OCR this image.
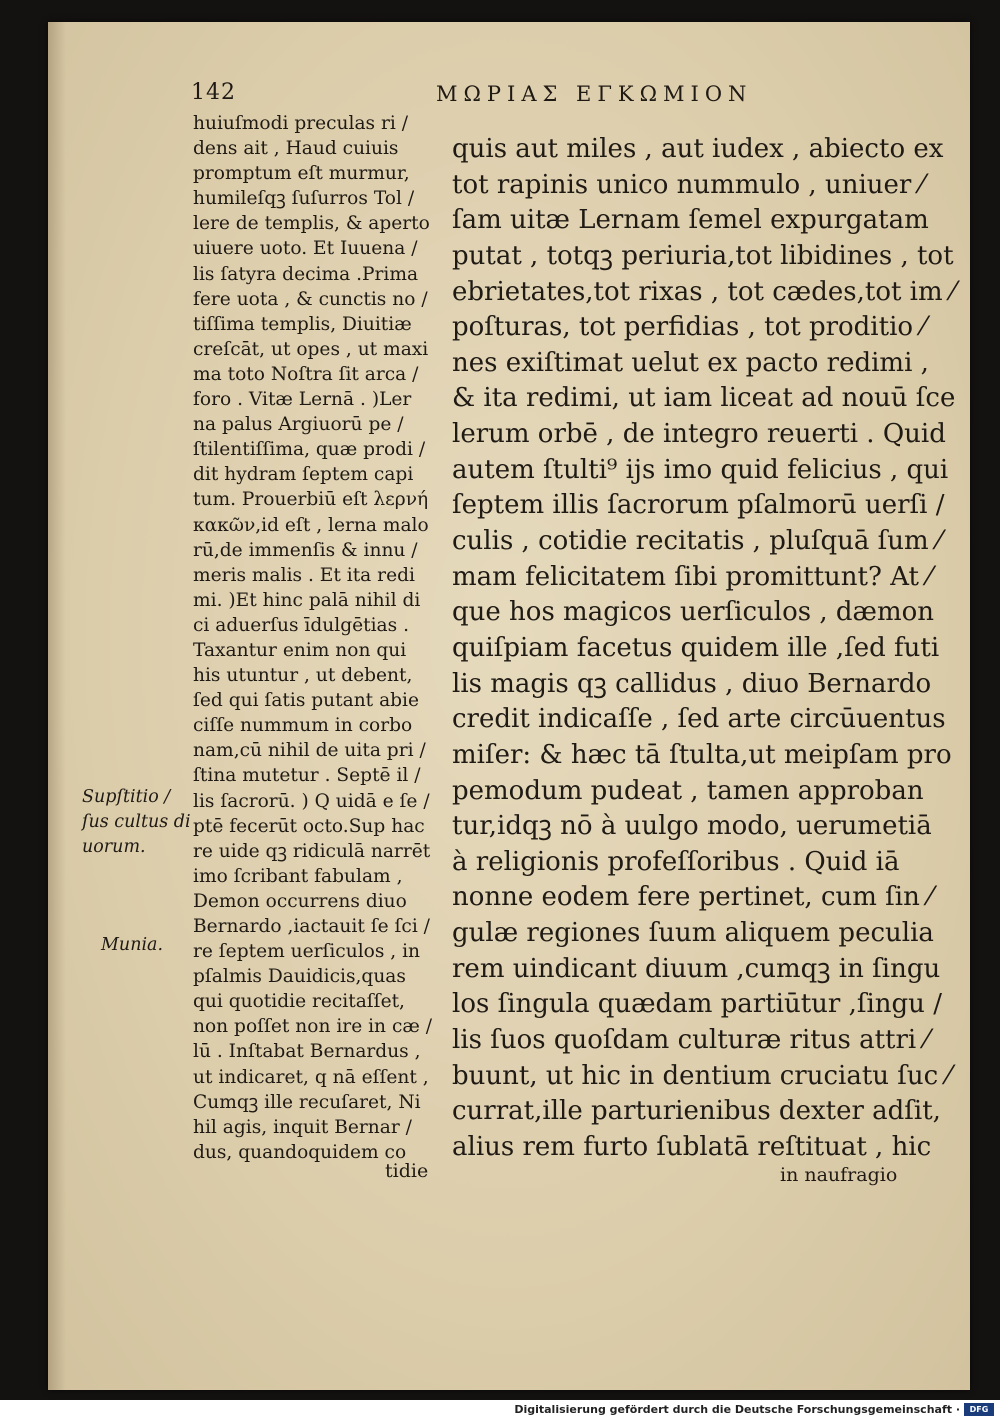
142	ΜΩΡΙΑΣ ΕΓΚΩΜΙΟΝ
huiuſmodi preculas ri /
dens ait , Haud cuiuis
promptum eſt murmur,
humileſqꝫ ſuſurros Tol /
lere de templis, & aperto
uiuere uoto. Et Iuuena /
lis ſatyra decima .Prima
fere uota , & cunctis no /
tiſſima templis, Diuitiæ
creſcāt, ut opes , ut maxi
ma toto Noſtra ſit arca /
foro . Vitæ Lernā . )Ler
na palus Argiuorū pe /
ſtilentiſſima, quæ prodi /
dit hydram ſeptem capi
tum. Prouerbiū eſt λερνή
κακῶν,id eſt , lerna malo
rū,de immenſis & innu /
meris malis . Et ita redi
mi. )Et hinc palā nihil di
ci aduerſus īdulgētias .
Taxantur enim non qui
his utuntur , ut debent,
ſed qui ſatis putant abie
ciſſe nummum in corbo
nam,cū nihil de uita pri /
ſtina mutetur . Septē il /
lis ſacrorū. ) Q uidā e ſe /
ptē fecerūt octo.Sup hac
re uide qꝫ ridiculā narrēt
imo ſcribant fabulam ,
Demon occurrens diuo
Bernardo ,iactauit ſe ſci /
re ſeptem uerſiculos , in
pſalmis Dauidicis,quas
qui quotidie recitaſſet,
non poſſet non ire in cæ /
lū . Inſtabat Bernardus ,
ut indicaret, q nā eſſent ,
Cumqꝫ ille recuſaret, Ni
hil agis, inquit Bernar /
dus, quandoquidem co
tidie
quis aut miles , aut iudex , abiecto ex
tot rapinis unico nummulo , uniuer ⁄
ſam uitæ Lernam ſemel expurgatam
putat , totqꝫ periuria,tot libidines , tot
ebrietates,tot rixas , tot cædes,tot im ⁄
poſturas, tot perfidias , tot proditio ⁄
nes exiſtimat uelut ex pacto redimi ,
& ita redimi, ut iam liceat ad nouū ſce
lerum orbē , de integro reuerti . Quid
autem ſtulti⁹ ijs imo quid felicius , qui
ſeptem illis ſacrorum pſalmorū uerſi /
culis , cotidie recitatis , pluſquā ſum ⁄
mam felicitatem ſibi promittunt? At ⁄
que hos magicos uerſiculos , dæmon
quiſpiam facetus quidem ille ,ſed futi
lis magis qꝫ callidus , diuo Bernardo
credit indicaſſe , ſed arte circūuentus
miſer: & hæc tā ſtulta,ut meipſam pro
pemodum pudeat , tamen approban
tur,idqꝫ nō à uulgo modo, uerumetiā
à religionis profeſſoribus . Quid iā
nonne eodem fere pertinet, cum ſin ⁄
gulæ regiones ſuum aliquem peculia
rem uindicant diuum ,cumqꝫ in ſingu
los ſingula quædam partiūtur ,ſingu /
lis ſuos quoſdam culturæ ritus attri ⁄
buunt, ut hic in dentium cruciatu ſuc ⁄
currat,ille parturienibus dexter adſit,
alius rem furto ſublatā reſtituat , hic
in naufragio
Supſtitio /
ſus cultus di
uorum.
Munia.
Digitalisierung gefördert durch die Deutsche Forschungsgemeinschaft ·	DFG
